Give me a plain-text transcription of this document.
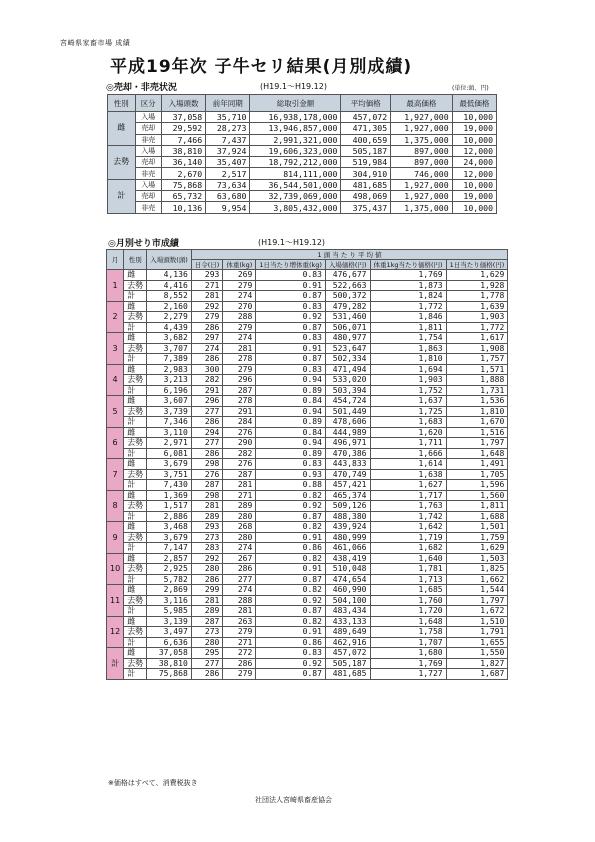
宮崎県家畜市場 成績
平成19年次 子牛セリ結果(月別成績)
◎売却・非売状況	(H19.1〜H19.12)	(単位:頭、円)
性別	区分	入場頭数	前年同期	総取引金額	平均価格	最高価格	最低価格
雌	入場	37,058	35,710	16,938,178,000	457,072	1,927,000	10,000
	売却	29,592	28,273	13,946,857,000	471,305	1,927,000	19,000
	非売	7,466	7,437	2,991,321,000	400,659	1,375,000	10,000
去勢	入場	38,810	37,924	19,606,323,000	505,187	897,000	12,000
	売却	36,140	35,407	18,792,212,000	519,984	897,000	24,000
	非売	2,670	2,517	814,111,000	304,910	746,000	12,000
計	入場	75,868	73,634	36,544,501,000	481,685	1,927,000	10,000
	売却	65,732	63,680	32,739,069,000	498,069	1,927,000	19,000
	非売	10,136	9,954	3,805,432,000	375,437	1,375,000	10,000
◎月別せり市成績	(H19.1〜H19.12)
月	性別	入場頭数(頭)	1 頭 当 た り 平 均 値					
			日令(日)	体重(kg)	1日当たり増体重(kg)	入場価格(円)	体重1kg当たり価格(円)	1日当たり価格(円)
1	雌	4,136	293	269	0.83	476,677	1,769	1,629
	去勢	4,416	271	279	0.91	522,663	1,873	1,928
	計	8,552	281	274	0.87	500,372	1,824	1,778
2	雌	2,160	292	270	0.83	479,282	1,772	1,639
	去勢	2,279	279	288	0.92	531,460	1,846	1,903
	計	4,439	286	279	0.87	506,071	1,811	1,772
3	雌	3,682	297	274	0.83	480,977	1,754	1,617
	去勢	3,707	274	281	0.91	523,647	1,863	1,908
	計	7,389	286	278	0.87	502,334	1,810	1,757
4	雌	2,983	300	279	0.83	471,494	1,694	1,571
	去勢	3,213	282	296	0.94	533,020	1,903	1,888
	計	6,196	291	287	0.89	503,394	1,752	1,731
5	雌	3,607	296	278	0.84	454,724	1,637	1,536
	去勢	3,739	277	291	0.94	501,449	1,725	1,810
	計	7,346	286	284	0.89	478,606	1,683	1,670
6	雌	3,110	294	276	0.84	444,989	1,620	1,516
	去勢	2,971	277	290	0.94	496,971	1,711	1,797
	計	6,081	286	282	0.89	470,386	1,666	1,648
7	雌	3,679	298	276	0.83	443,833	1,614	1,491
	去勢	3,751	276	287	0.93	470,749	1,638	1,705
	計	7,430	287	281	0.88	457,421	1,627	1,596
8	雌	1,369	298	271	0.82	465,374	1,717	1,560
	去勢	1,517	281	289	0.92	509,126	1,763	1,811
	計	2,886	289	280	0.87	488,380	1,742	1,688
9	雌	3,468	293	268	0.82	439,924	1,642	1,501
	去勢	3,679	273	280	0.91	480,999	1,719	1,759
	計	7,147	283	274	0.86	461,066	1,682	1,629
10	雌	2,857	292	267	0.82	438,419	1,640	1,503
	去勢	2,925	280	286	0.91	510,048	1,781	1,825
	計	5,782	286	277	0.87	474,654	1,713	1,662
11	雌	2,869	299	274	0.82	460,990	1,685	1,544
	去勢	3,116	281	288	0.92	504,100	1,760	1,797
	計	5,985	289	281	0.87	483,434	1,720	1,672
12	雌	3,139	287	263	0.82	433,133	1,648	1,510
	去勢	3,497	273	279	0.91	489,649	1,758	1,791
	計	6,636	280	271	0.86	462,916	1,707	1,655
計	雌	37,058	295	272	0.83	457,072	1,680	1,550
	去勢	38,810	277	286	0.92	505,187	1,769	1,827
	計	75,868	286	279	0.87	481,685	1,727	1,687
※価格はすべて、消費税抜き
社団法人宮崎県畜産協会
